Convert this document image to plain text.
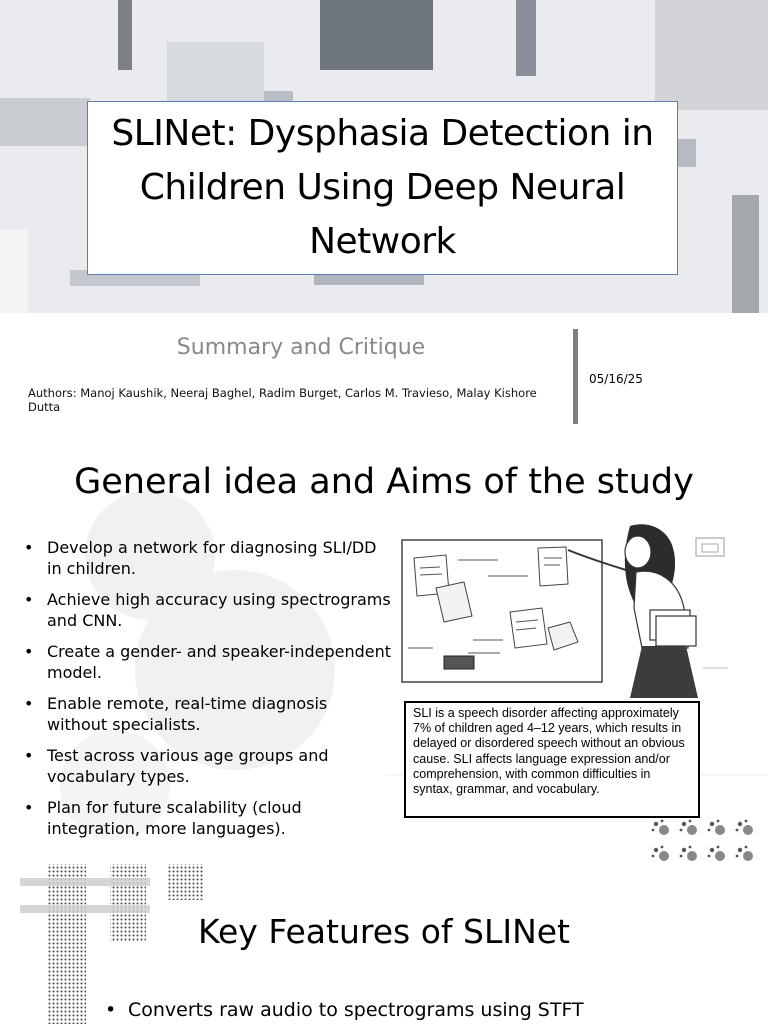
SLINet: Dysphasia Detection in Children Using Deep Neural Network
Summary and Critique
Authors: Manoj Kaushik, Neeraj Baghel, Radim Burget, Carlos M. Travieso, Malay Kishore Dutta
05/16/25
General idea and Aims of the study
• Develop a network for diagnosing SLI/DD in children.
• Achieve high accuracy using spectrograms and CNN.
• Create a gender- and speaker-independent model.
• Enable remote, real-time diagnosis without specialists.
• Test across various age groups and vocabulary types.
• Plan for future scalability (cloud integration, more languages).
SLI is a speech disorder affecting approximately 7% of children aged 4–12 years, which results in delayed or disordered speech without an obvious cause. SLI affects language expression and/or comprehension, with common difficulties in syntax, grammar, and vocabulary.
Key Features of SLINet
• Converts raw audio to spectrograms using STFT
